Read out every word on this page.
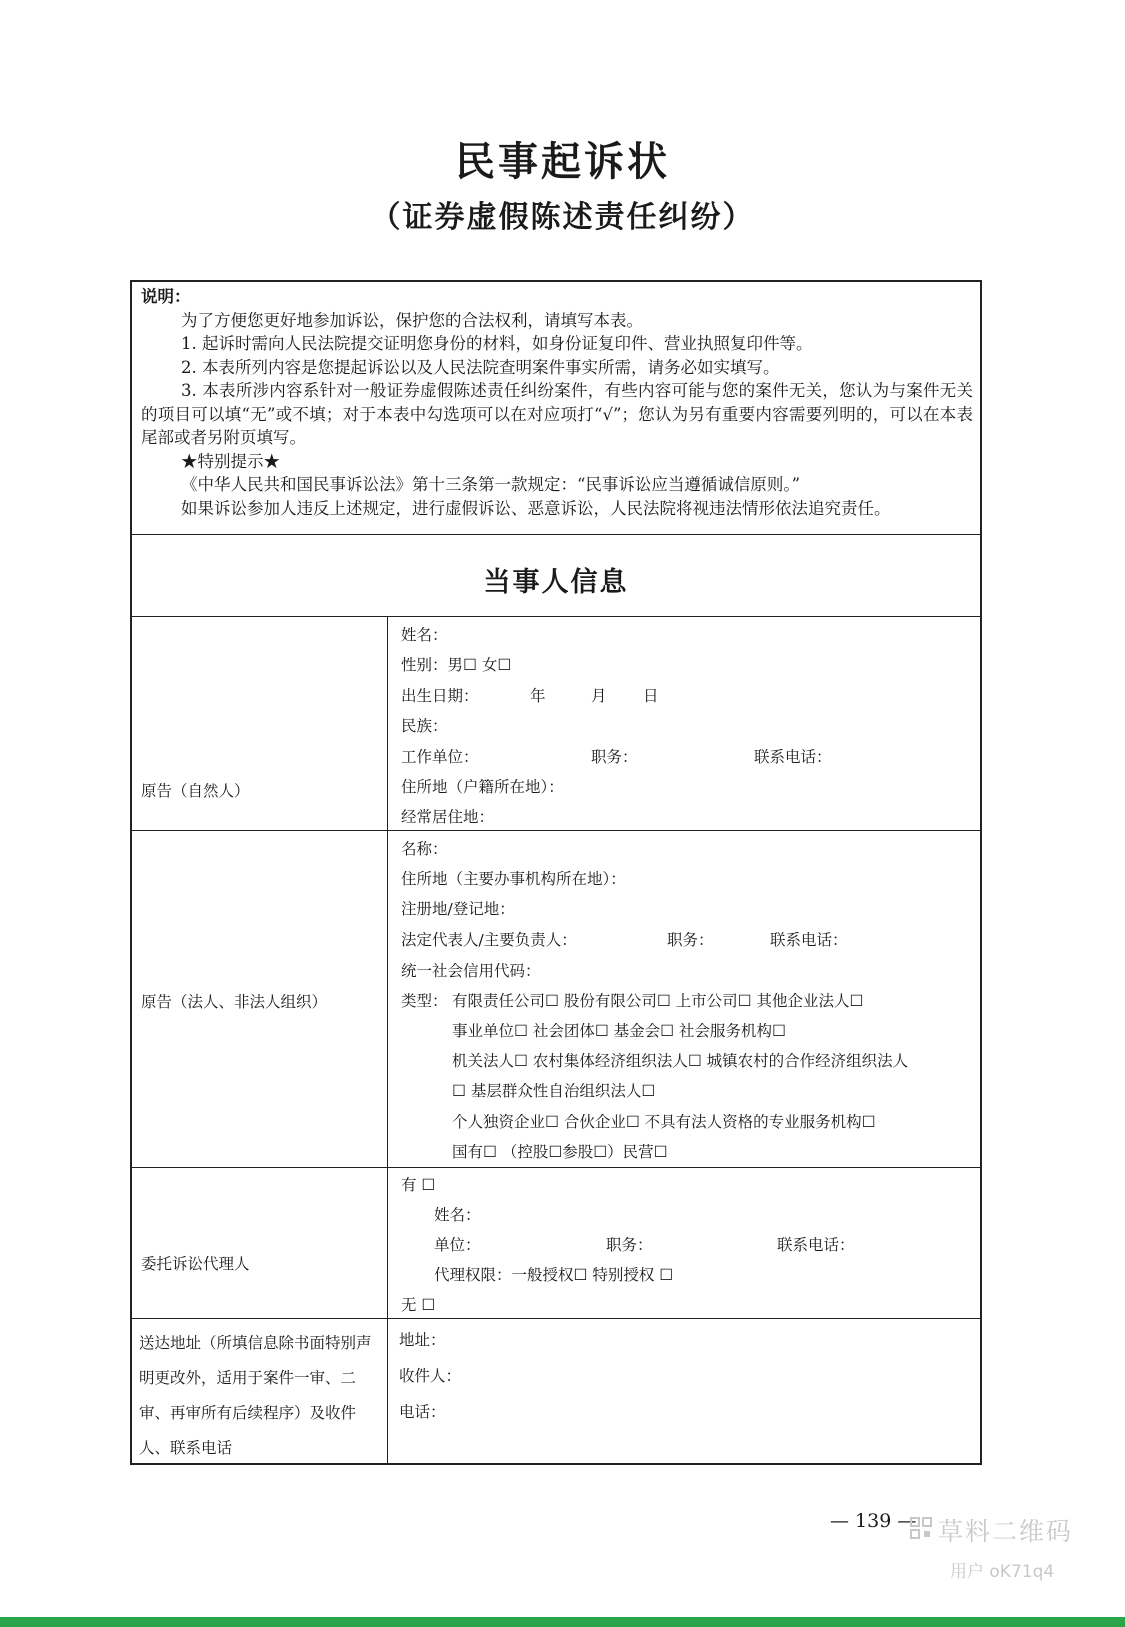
民事起诉状
（证券虚假陈述责任纠纷）
说明：
为了方便您更好地参加诉讼，保护您的合法权利，请填写本表。
1. 起诉时需向人民法院提交证明您身份的材料，如身份证复印件、营业执照复印件等。
2. 本表所列内容是您提起诉讼以及人民法院查明案件事实所需，请务必如实填写。
3. 本表所涉内容系针对一般证券虚假陈述责任纠纷案件，有些内容可能与您的案件无关，您认为与案件无关的项目可以填“无”或不填；对于本表中勾选项可以在对应项打“√”；您认为另有重要内容需要列明的，可以在本表尾部或者另附页填写。
★特别提示★
《中华人民共和国民事诉讼法》第十三条第一款规定：“民事诉讼应当遵循诚信原则。”
如果诉讼参加人违反上述规定，进行虚假诉讼、恶意诉讼，人民法院将视违法情形依法追究责任。
当事人信息
原告（自然人）
姓名：
性别：男☐ 女☐
出生日期：	年	月 日
民族：
工作单位：	职务：	联系电话：
住所地（户籍所在地）：
经常居住地：
原告（法人、非法人组织）
名称：
住所地（主要办事机构所在地）：
注册地/登记地：
法定代表人/主要负责人：	职务：	联系电话：
统一社会信用代码：
类型： 有限责任公司☐ 股份有限公司☐ 上市公司☐ 其他企业法人☐
事业单位☐ 社会团体☐ 基金会☐ 社会服务机构☐
机关法人☐ 农村集体经济组织法人☐ 城镇农村的合作经济组织法人
☐ 基层群众性自治组织法人☐
个人独资企业☐ 合伙企业☐ 不具有法人资格的专业服务机构☐
国有☐ （控股☐参股☐）民营☐
委托诉讼代理人
有 ☐
姓名：
单位：	职务：	联系电话：
代理权限：一般授权☐ 特别授权 ☐
无 ☐
送达地址（所填信息除书面特别声明更改外，适用于案件一审、二审、再审所有后续程序）及收件人、联系电话
地址：
收件人：
电话：
— 139 — 草料二维码
用户 oK71q4
